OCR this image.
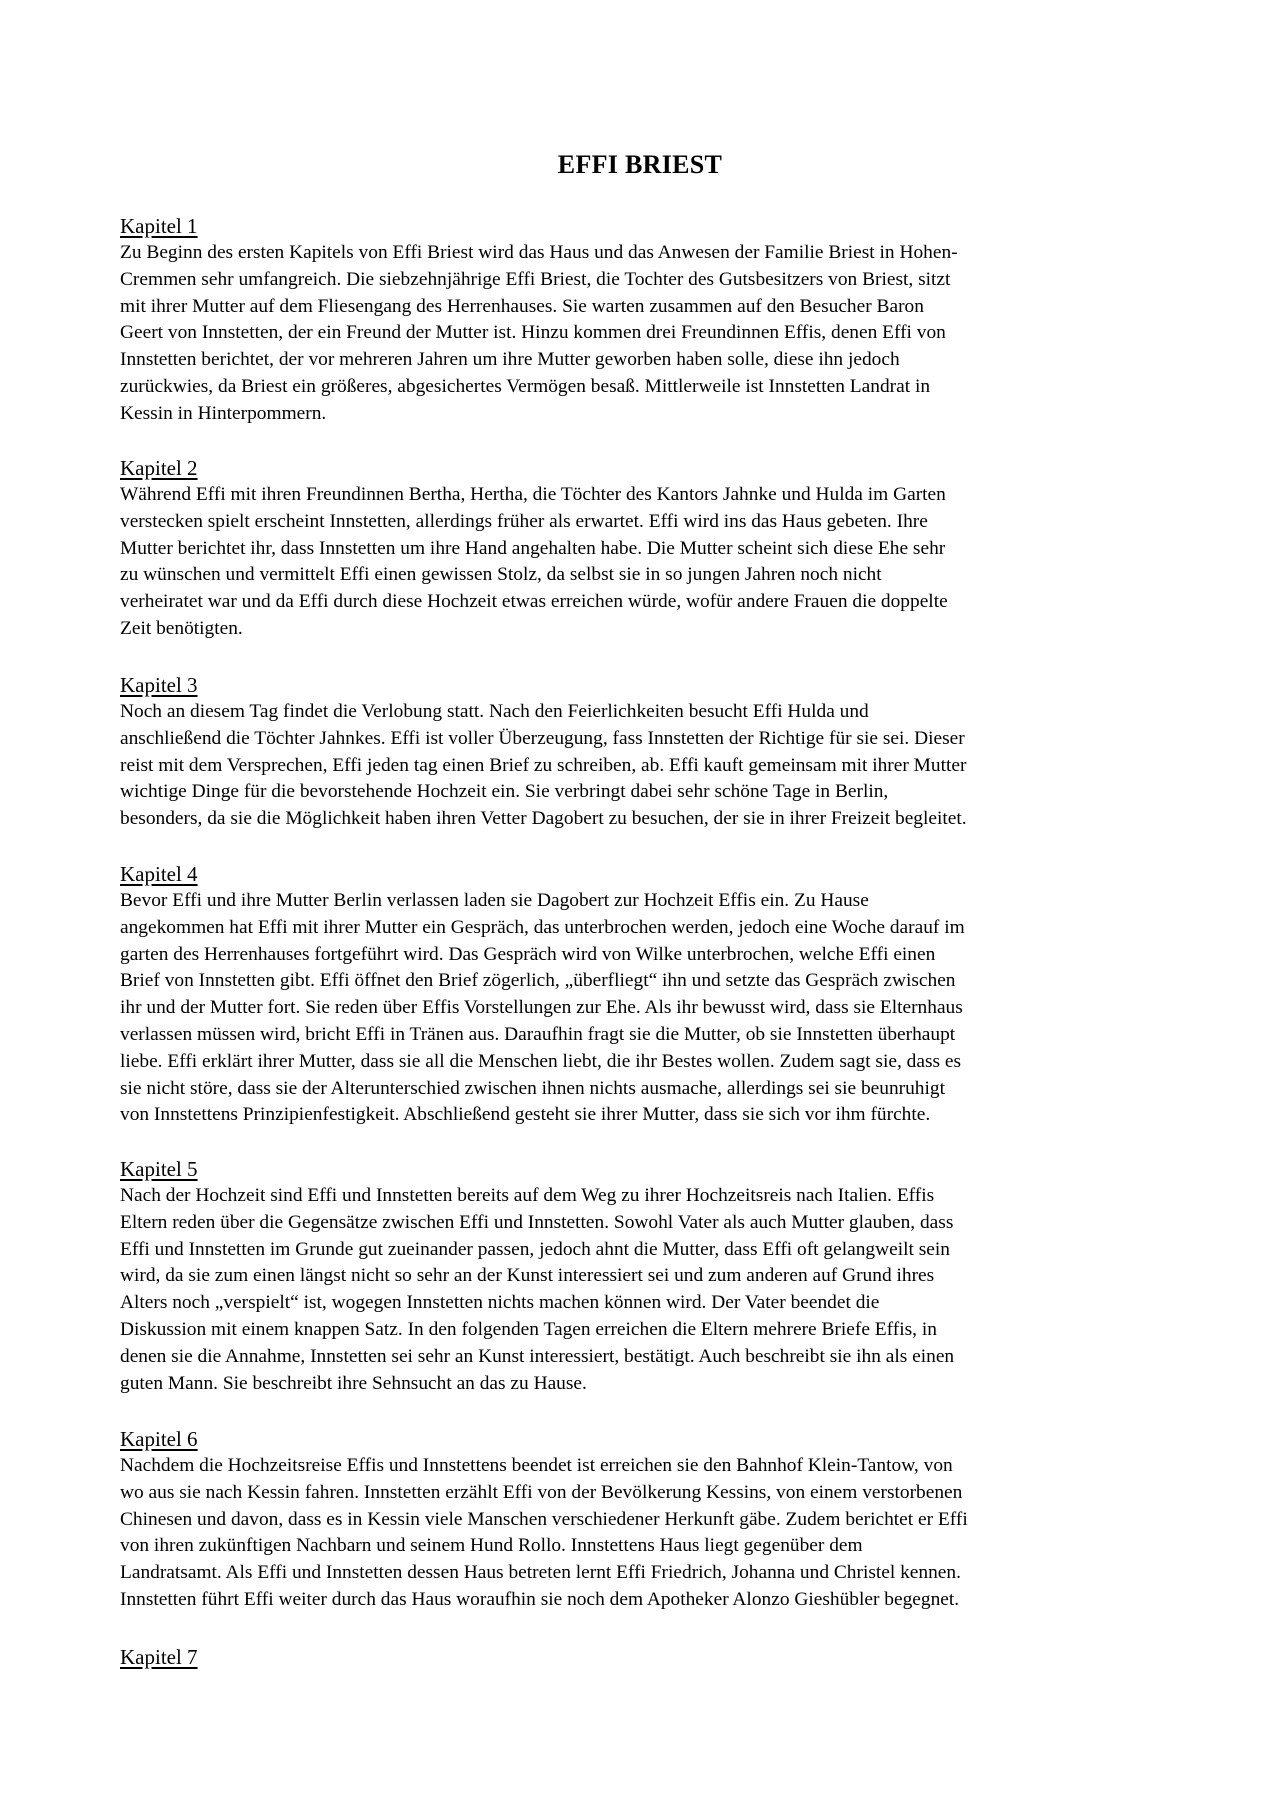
EFFI BRIEST
Kapitel 1

Zu Beginn des ersten Kapitels von Effi Briest wird das Haus und das Anwesen der Familie Briest in Hohen-
Cremmen sehr umfangreich. Die siebzehnjährige Effi Briest, die Tochter des Gutsbesitzers von Briest, sitzt
mit ihrer Mutter auf dem Fliesengang des Herrenhauses. Sie warten zusammen auf den Besucher Baron
Geert von Innstetten, der ein Freund der Mutter ist. Hinzu kommen drei Freundinnen Effis, denen Effi von
Innstetten berichtet, der vor mehreren Jahren um ihre Mutter geworben haben solle, diese ihn jedoch
zurückwies, da Briest ein größeres, abgesichertes Vermögen besaß. Mittlerweile ist Innstetten Landrat in
Kessin in Hinterpommern.

Kapitel 2

Während Effi mit ihren Freundinnen Bertha, Hertha, die Töchter des Kantors Jahnke und Hulda im Garten
verstecken spielt erscheint Innstetten, allerdings früher als erwartet. Effi wird ins das Haus gebeten. Ihre
Mutter berichtet ihr, dass Innstetten um ihre Hand angehalten habe. Die Mutter scheint sich diese Ehe sehr
zu wünschen und vermittelt Effi einen gewissen Stolz, da selbst sie in so jungen Jahren noch nicht
verheiratet war und da Effi durch diese Hochzeit etwas erreichen würde, wofür andere Frauen die doppelte
Zeit benötigten.

Kapitel 3

Noch an diesem Tag findet die Verlobung statt. Nach den Feierlichkeiten besucht Effi Hulda und
anschließend die Töchter Jahnkes. Effi ist voller Überzeugung, fass Innstetten der Richtige für sie sei. Dieser
reist mit dem Versprechen, Effi jeden tag einen Brief zu schreiben, ab. Effi kauft gemeinsam mit ihrer Mutter
wichtige Dinge für die bevorstehende Hochzeit ein. Sie verbringt dabei sehr schöne Tage in Berlin,
besonders, da sie die Möglichkeit haben ihren Vetter Dagobert zu besuchen, der sie in ihrer Freizeit begleitet.

Kapitel 4

Bevor Effi und ihre Mutter Berlin verlassen laden sie Dagobert zur Hochzeit Effis ein. Zu Hause
angekommen hat Effi mit ihrer Mutter ein Gespräch, das unterbrochen werden, jedoch eine Woche darauf im
garten des Herrenhauses fortgeführt wird. Das Gespräch wird von Wilke unterbrochen, welche Effi einen
Brief von Innstetten gibt. Effi öffnet den Brief zögerlich, „überfliegt“ ihn und setzte das Gespräch zwischen
ihr und der Mutter fort. Sie reden über Effis Vorstellungen zur Ehe. Als ihr bewusst wird, dass sie Elternhaus
verlassen müssen wird, bricht Effi in Tränen aus. Daraufhin fragt sie die Mutter, ob sie Innstetten überhaupt
liebe. Effi erklärt ihrer Mutter, dass sie all die Menschen liebt, die ihr Bestes wollen. Zudem sagt sie, dass es
sie nicht störe, dass sie der Alterunterschied zwischen ihnen nichts ausmache, allerdings sei sie beunruhigt
von Innstettens Prinzipienfestigkeit. Abschließend gesteht sie ihrer Mutter, dass sie sich vor ihm fürchte.

Kapitel 5

Nach der Hochzeit sind Effi und Innstetten bereits auf dem Weg zu ihrer Hochzeitsreis nach Italien. Effis
Eltern reden über die Gegensätze zwischen Effi und Innstetten. Sowohl Vater als auch Mutter glauben, dass
Effi und Innstetten im Grunde gut zueinander passen, jedoch ahnt die Mutter, dass Effi oft gelangweilt sein
wird, da sie zum einen längst nicht so sehr an der Kunst interessiert sei und zum anderen auf Grund ihres
Alters noch „verspielt“ ist, wogegen Innstetten nichts machen können wird. Der Vater beendet die
Diskussion mit einem knappen Satz. In den folgenden Tagen erreichen die Eltern mehrere Briefe Effis, in
denen sie die Annahme, Innstetten sei sehr an Kunst interessiert, bestätigt. Auch beschreibt sie ihn als einen
guten Mann. Sie beschreibt ihre Sehnsucht an das zu Hause.

Kapitel 6

Nachdem die Hochzeitsreise Effis und Innstettens beendet ist erreichen sie den Bahnhof Klein-Tantow, von
wo aus sie nach Kessin fahren. Innstetten erzählt Effi von der Bevölkerung Kessins, von einem verstorbenen
Chinesen und davon, dass es in Kessin viele Manschen verschiedener Herkunft gäbe. Zudem berichtet er Effi
von ihren zukünftigen Nachbarn und seinem Hund Rollo. Innstettens Haus liegt gegenüber dem
Landratsamt. Als Effi und Innstetten dessen Haus betreten lernt Effi Friedrich, Johanna und Christel kennen.
Innstetten führt Effi weiter durch das Haus woraufhin sie noch dem Apotheker Alonzo Gieshübler begegnet.

Kapitel 7
